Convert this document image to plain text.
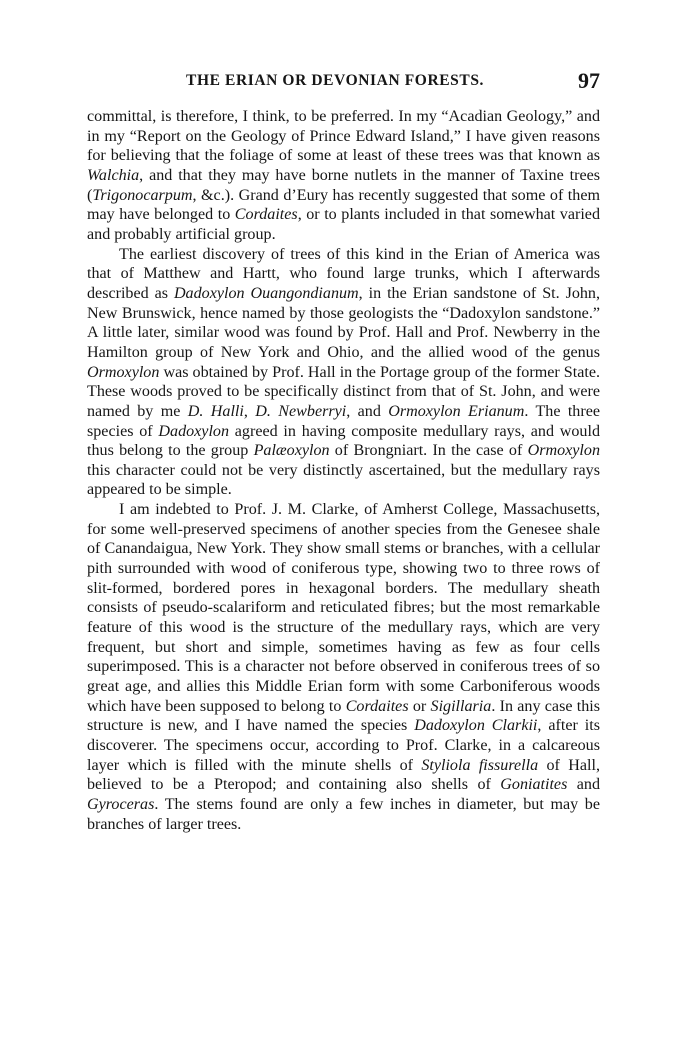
THE ERIAN OR DEVONIAN FORESTS.	97

committal, is therefore, I think, to be preferred. In my “Acadian Geology,” and in my “Report on the Geology of Prince Edward Island,” I have given reasons for believing that the foliage of some at least of these trees was that known as Walchia, and that they may have borne nutlets in the manner of Taxine trees (Trigonocarpum, &c.). Grand d’Eury has recently suggested that some of them may have belonged to Cordaites, or to plants included in that somewhat varied and probably artificial group.

The earliest discovery of trees of this kind in the Erian of America was that of Matthew and Hartt, who found large trunks, which I afterwards described as Dadoxylon Ouangondianum, in the Erian sandstone of St. John, New Brunswick, hence named by those geologists the “Dadoxylon sandstone.” A little later, similar wood was found by Prof. Hall and Prof. Newberry in the Hamilton group of New York and Ohio, and the allied wood of the genus Ormoxylon was obtained by Prof. Hall in the Portage group of the former State. These woods proved to be specifically distinct from that of St. John, and were named by me D. Halli, D. Newberryi, and Ormoxylon Erianum. The three species of Dadoxylon agreed in having composite medullary rays, and would thus belong to the group Palæoxylon of Brongniart. In the case of Ormoxylon this character could not be very distinctly ascertained, but the medullary rays appeared to be simple.

I am indebted to Prof. J. M. Clarke, of Amherst College, Massachusetts, for some well-preserved specimens of another species from the Genesee shale of Canandaigua, New York. They show small stems or branches, with a cellular pith surrounded with wood of coniferous type, showing two to three rows of slit-formed, bordered pores in hexagonal borders. The medullary sheath consists of pseudo-scalariform and reticulated fibres; but the most remarkable feature of this wood is the structure of the medullary rays, which are very frequent, but short and simple, sometimes having as few as four cells superimposed. This is a character not before observed in coniferous trees of so great age, and allies this Middle Erian form with some Carboniferous woods which have been supposed to belong to Cordaites or Sigillaria. In any case this structure is new, and I have named the species Dadoxylon Clarkii, after its discoverer. The specimens occur, according to Prof. Clarke, in a calcareous layer which is filled with the minute shells of Styliola fissurella of Hall, believed to be a Pteropod; and containing also shells of Goniatites and Gyroceras. The stems found are only a few inches in diameter, but may be branches of larger trees.
